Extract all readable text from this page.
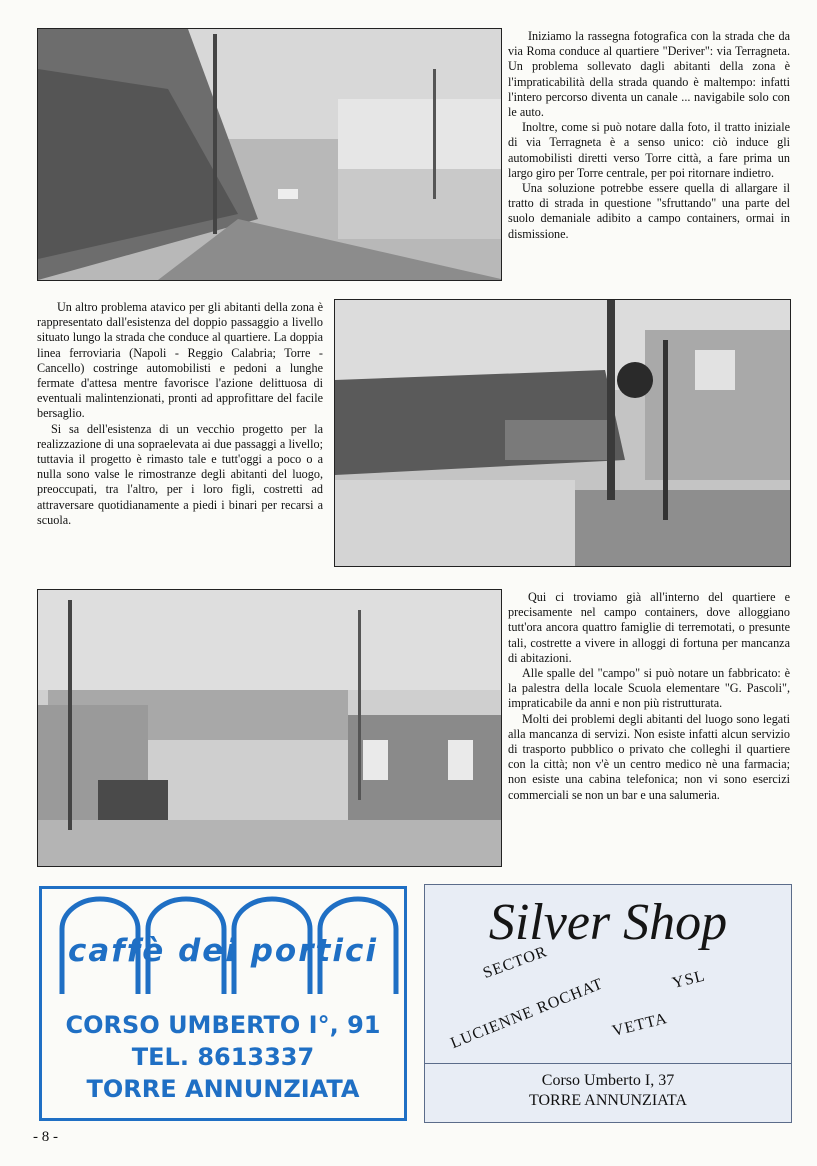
Iniziamo la rassegna fotografica con la strada che da via Roma conduce al quartiere "Deriver": via Terragneta. Un problema sollevato dagli abitanti della zona è l'impraticabilità della strada quando è maltempo: infatti l'intero percorso diventa un canale ... navigabile solo con le auto.

Inoltre, come si può notare dalla foto, il tratto iniziale di via Terragneta è a senso unico: ciò induce gli automobilisti diretti verso Torre città, a fare prima un largo giro per Torre centrale, per poi ritornare indietro.

Una soluzione potrebbe essere quella di allargare il tratto di strada in questione "sfruttando" una parte del suolo demaniale adibito a campo containers, ormai in dismissione.

Un altro problema atavico per gli abitanti della zona è rappresentato dall'esistenza del doppio passaggio a livello situato lungo la strada che conduce al quartiere. La doppia linea ferroviaria (Napoli - Reggio Calabria; Torre - Cancello) costringe automobilisti e pedoni a lunghe fermate d'attesa mentre favorisce l'azione delittuosa di eventuali malintenzionati, pronti ad approfittare del facile bersaglio.

Si sa dell'esistenza di un vecchio progetto per la realizzazione di una sopraelevata ai due passaggi a livello; tuttavia il progetto è rimasto tale e tutt'oggi a poco o a nulla sono valse le rimostranze degli abitanti del luogo, preoccupati, tra l'altro, per i loro figli, costretti ad attraversare quotidianamente a piedi i binari per recarsi a scuola.

Qui ci troviamo già all'interno del quartiere e precisamente nel campo containers, dove alloggiano tutt'ora ancora quattro famiglie di terremotati, o presunte tali, costrette a vivere in alloggi di fortuna per mancanza di abitazioni.

Alle spalle del "campo" si può notare un fabbricato: è la palestra della locale Scuola elementare "G. Pascoli", impraticabile da anni e non più ristrutturata.

Molti dei problemi degli abitanti del luogo sono legati alla mancanza di servizi. Non esiste infatti alcun servizio di trasporto pubblico o privato che colleghi il quartiere con la città; non v'è un centro medico nè una farmacia; non esiste una cabina telefonica; non vi sono esercizi commerciali se non un bar e una salumeria.

caffè dei portici
CORSO UMBERTO I°, 91
TEL. 8613337
TORRE ANNUNZIATA
Silver Shop
SECTOR
LUCIENNE ROCHAT	YSL
VETTA
Corso Umberto I, 37
TORRE ANNUNZIATA
- 8 -
